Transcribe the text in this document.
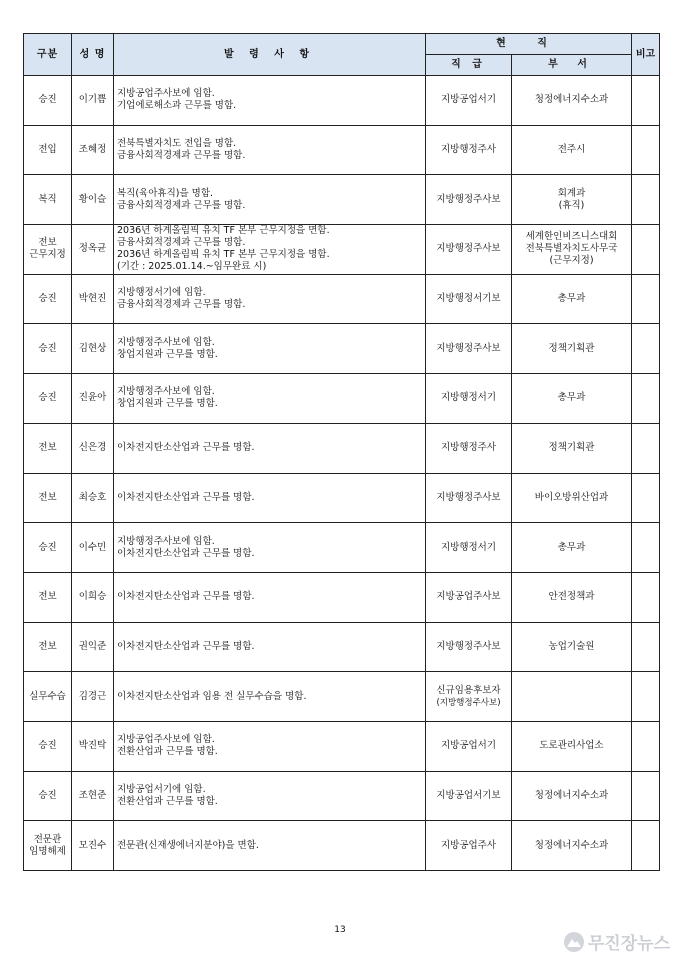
구분	성 명	발 령 사 항	현 직		비고
			직 급	부 서	

승진	이기쁨	지방공업주사보에 임함.
기업에로해소과 근무를 명함.	지방공업서기	청정에너지수소과	

전입	조혜정	전북특별자치도 전입을 명함.
금융사회적경제과 근무를 명함.	지방행정주사	전주시	

복직	황이슬	복직(육아휴직)을 명함.
금융사회적경제과 근무를 명함.	지방행정주사보	회계과
(휴직)	

전보
근무지정	정옥균	2036년 하계올림픽 유치 TF 본부 근무지정을 면함.
금융사회적경제과 근무를 명함.
2036년 하계올림픽 유치 TF 본부 근무지정을 명함.
(기간 : 2025.01.14.~임무완료 시)	지방행정주사보	세계한인비즈니스대회
전북특별자치도사무국
(근무지정)	

승진	박현진	지방행정서기에 임함.
금융사회적경제과 근무를 명함.	지방행정서기보	총무과	

승진	김현상	지방행정주사보에 임함.
창업지원과 근무를 명함.	지방행정주사보	정책기획관	

승진	진윤아	지방행정주사보에 임함.
창업지원과 근무를 명함.	지방행정서기	총무과	

전보	신은경	이차전지탄소산업과 근무를 명함.	지방행정주사	정책기획관	

전보	최승호	이차전지탄소산업과 근무를 명함.	지방행정주사보	바이오방위산업과	

승진	이수민	지방행정주사보에 임함.
이차전지탄소산업과 근무를 명함.	지방행정서기	총무과	

전보	이희승	이차전지탄소산업과 근무를 명함.	지방공업주사보	안전정책과	

전보	권익준	이차전지탄소산업과 근무를 명함.	지방행정주사보	농업기술원	

실무수습	김경근	이차전지탄소산업과 임용 전 실무수습을 명함.	신규임용후보자
(지방행정주사보)		

승진	박진탁	지방공업주사보에 임함.
전환산업과 근무를 명함.	지방공업서기	도로관리사업소	

승진	조현준	지방공업서기에 임함.
전환산업과 근무를 명함.	지방공업서기보	청정에너지수소과	

전문관
임명해제	모진수	전문관(신재생에너지분야)을 면함.	지방공업주사	청정에너지수소과	

13
무진장뉴스
